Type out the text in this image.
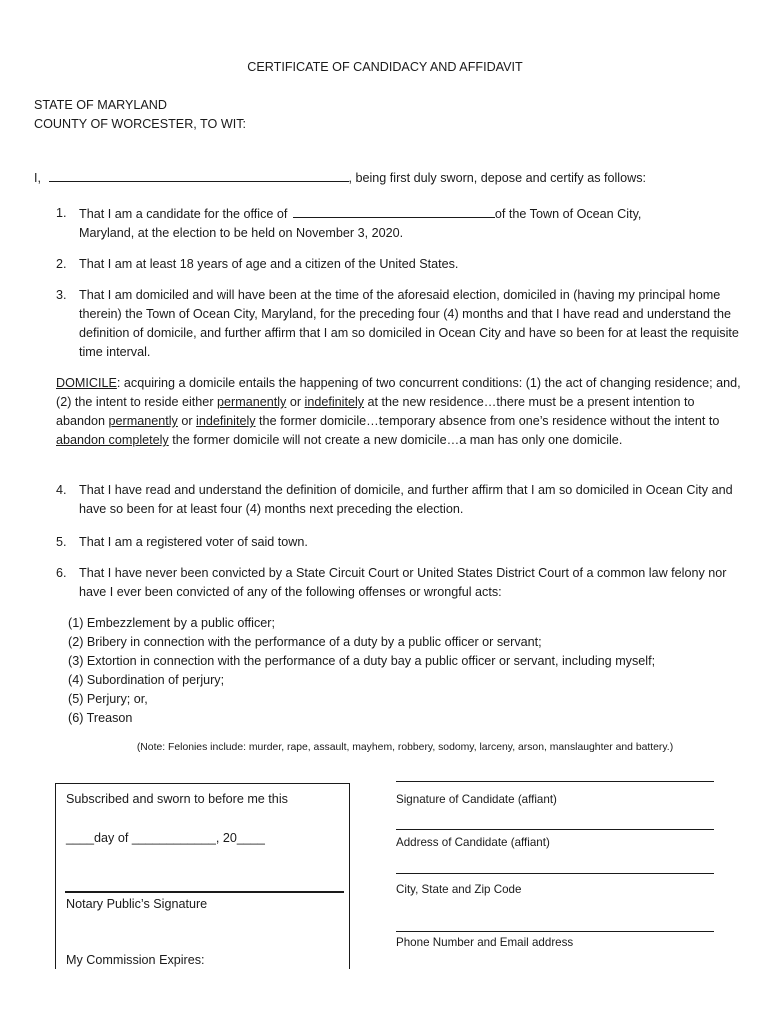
CERTIFICATE OF CANDIDACY AND AFFIDAVIT
STATE OF MARYLAND
COUNTY OF WORCESTER, TO WIT:
I,	, being first duly sworn, depose and certify as follows:
1. That I am a candidate for the office of	of the Town of Ocean City,
Maryland, at the election to be held on November 3, 2020.
2. That I am at least 18 years of age and a citizen of the United States.
3. That I am domiciled and will have been at the time of the aforesaid election, domiciled in (having my principal home therein) the Town of Ocean City, Maryland, for the preceding four (4) months and that I have read and understand the definition of domicile, and further affirm that I am so domiciled in Ocean City and have so been for at least the requisite time interval.
DOMICILE: acquiring a domicile entails the happening of two concurrent conditions: (1) the act of changing residence; and, (2) the intent to reside either permanently or indefinitely at the new residence…there must be a present intention to abandon permanently or indefinitely the former domicile…temporary absence from one’s residence without the intent to abandon completely the former domicile will not create a new domicile…a man has only one domicile.
4. That I have read and understand the definition of domicile, and further affirm that I am so domiciled in Ocean City and have so been for at least four (4) months next preceding the election.
5. That I am a registered voter of said town.
6. That I have never been convicted by a State Circuit Court or United States District Court of a common law felony nor have I ever been convicted of any of the following offenses or wrongful acts:
(1) Embezzlement by a public officer;
(2) Bribery in connection with the performance of a duty by a public officer or servant;
(3) Extortion in connection with the performance of a duty bay a public officer or servant, including myself;
(4) Subordination of perjury;
(5) Perjury; or,
(6) Treason
(Note: Felonies include: murder, rape, assault, mayhem, robbery, sodomy, larceny, arson, manslaughter and battery.)
Subscribed and sworn to before me this
____day of ____________, 20____
Notary Public’s Signature
My Commission Expires:
Signature of Candidate (affiant)
Address of Candidate (affiant)
City, State and Zip Code
Phone Number and Email address
